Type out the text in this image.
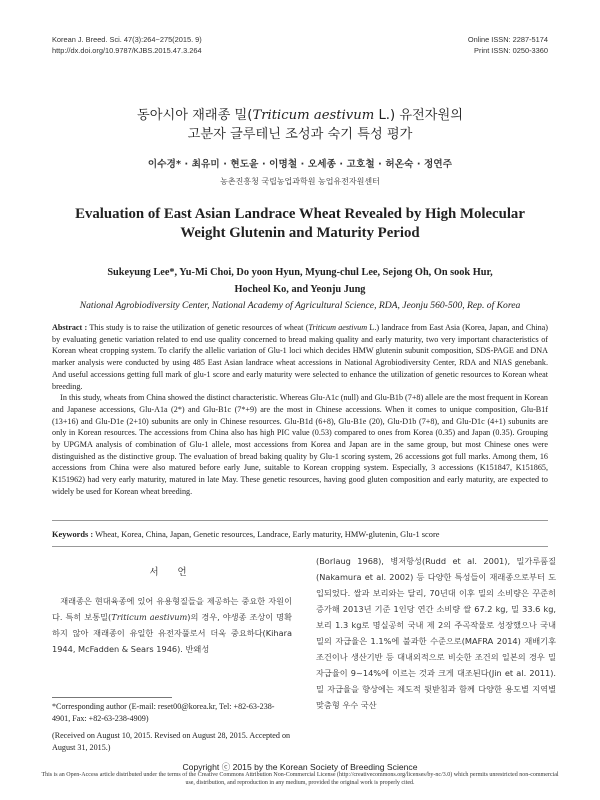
Korean J. Breed. Sci. 47(3):264~275(2015. 9)
http://dx.doi.org/10.9787/KJBS.2015.47.3.264
Online ISSN: 2287-5174
Print ISSN: 0250-3360
동아시아 재래종 밀(Triticum aestivum L.) 유전자원의
고분자 글루테닌 조성과 숙기 특성 평가
이수경* · 최유미 · 현도윤 · 이명철 · 오세종 · 고호철 · 허온숙 · 정연주
농촌진흥청 국립농업과학원 농업유전자원센터
Evaluation of East Asian Landrace Wheat Revealed by High Molecular
Weight Glutenin and Maturity Period
Sukeyung Lee*, Yu-Mi Choi, Do yoon Hyun, Myung-chul Lee, Sejong Oh, On sook Hur,
Hocheol Ko, and Yeonju Jung
National Agrobiodiversity Center, National Academy of Agricultural Science, RDA, Jeonju 560-500, Rep. of Korea
Abstract : This study is to raise the utilization of genetic resources of wheat (Triticum aestivum L.) landrace from East Asia (Korea, Japan, and China) by evaluating genetic variation related to end use quality concerned to bread making quality and early maturity, two very important characteristics of Korean wheat cropping system. To clarify the allelic variation of Glu-1 loci which decides HMW glutenin subunit composition, SDS-PAGE and DNA marker analysis were conducted by using 485 East Asian landrace wheat accessions in National Agrobiodiversity Center, RDA and NIAS genebank. And useful accessions getting full mark of glu-1 score and early maturity were selected to enhance the utilization of genetic resources to Korean wheat breeding.
In this study, wheats from China showed the distinct characteristic. Whereas Glu-A1c (null) and Glu-B1b (7+8) allele are the most frequent in Korean and Japanese accessions, Glu-A1a (2*) and Glu-B1c (7*+9) are the most in Chinese accessions. When it comes to unique composition, Glu-B1f (13+16) and Glu-D1e (2+10) subunits are only in Chinese resources. Glu-B1d (6+8), Glu-B1e (20), Glu-D1b (7+8), and Glu-D1c (4+1) subunits are only in Korean resources. The accessions from China also has high PIC value (0.53) compared to ones from Korea (0.35) and Japan (0.35). Grouping by UPGMA analysis of combination of Glu-1 allele, most accessions from Korea and Japan are in the same group, but most Chinese ones were distinguished as the distinctive group. The evaluation of bread baking quality by Glu-1 scoring system, 26 accessions got full marks. Among them, 16 accessions from China were also matured before early June, suitable to Korean cropping system. Especially, 3 accessions (K151847, K151865, K151962) had very early maturity, matured in late May. These genetic resources, having good gluten composition and early maturity, are expected to widely be used for Korean wheat breeding.
Keywords : Wheat, Korea, China, Japan, Genetic resources, Landrace, Early maturity, HMW-glutenin, Glu-1 score
서 언
재래종은 현대육종에 있어 유용형질들을 제공하는 중요한 자원이다. 특히 보통밀(Triticum aestivum)의 경우, 야생종 조상이 명확하지 않아 재래종이 유일한 유전자풀로서 더욱 중요하다(Kihara 1944, McFadden & Sears 1946). 반왜성
(Borlaug 1968), 병저항성(Rudd et al. 2001), 밀가루품질(Nakamura et al. 2002) 등 다양한 특성들이 재래종으로부터 도입되었다. 쌀과 보리와는 달리, 70년대 이후 밀의 소비량은 꾸준히 증가해 2013년 기준 1인당 연간 소비량 쌀 67.2 kg, 밀 33.6 kg, 보리 1.3 kg로 명실공히 국내 제 2의 주곡작물로 성장했으나 국내 밀의 자급율은 1.1%에 불과한 수준으로(MAFRA 2014) 재배기후조건이나 생산기반 등 대내외적으로 비슷한 조건의 일본의 경우 밀자급율이 9~14%에 이르는 것과 크게 대조된다(Jin et al. 2011). 밀 자급율을 향상에는 제도적 뒷받침과 함께 다양한 용도별 지역별 맞춤형 우수 국산
*Corresponding author (E-mail: reset00@korea.kr, Tel: +82-63-238-4901, Fax: +82-63-238-4909)
(Received on August 10, 2015. Revised on August 28, 2015. Accepted on August 31, 2015.)
Copyright ⓒ 2015 by the Korean Society of Breeding Science
This is an Open-Access article distributed under the terms of the Creative Commons Attribution Non-Commercial License (http://creativecommons.org/licenses/by-nc/3.0) which permits unrestricted non-commercial use, distribution, and reproduction in any medium, provided the original work is properly cited.
